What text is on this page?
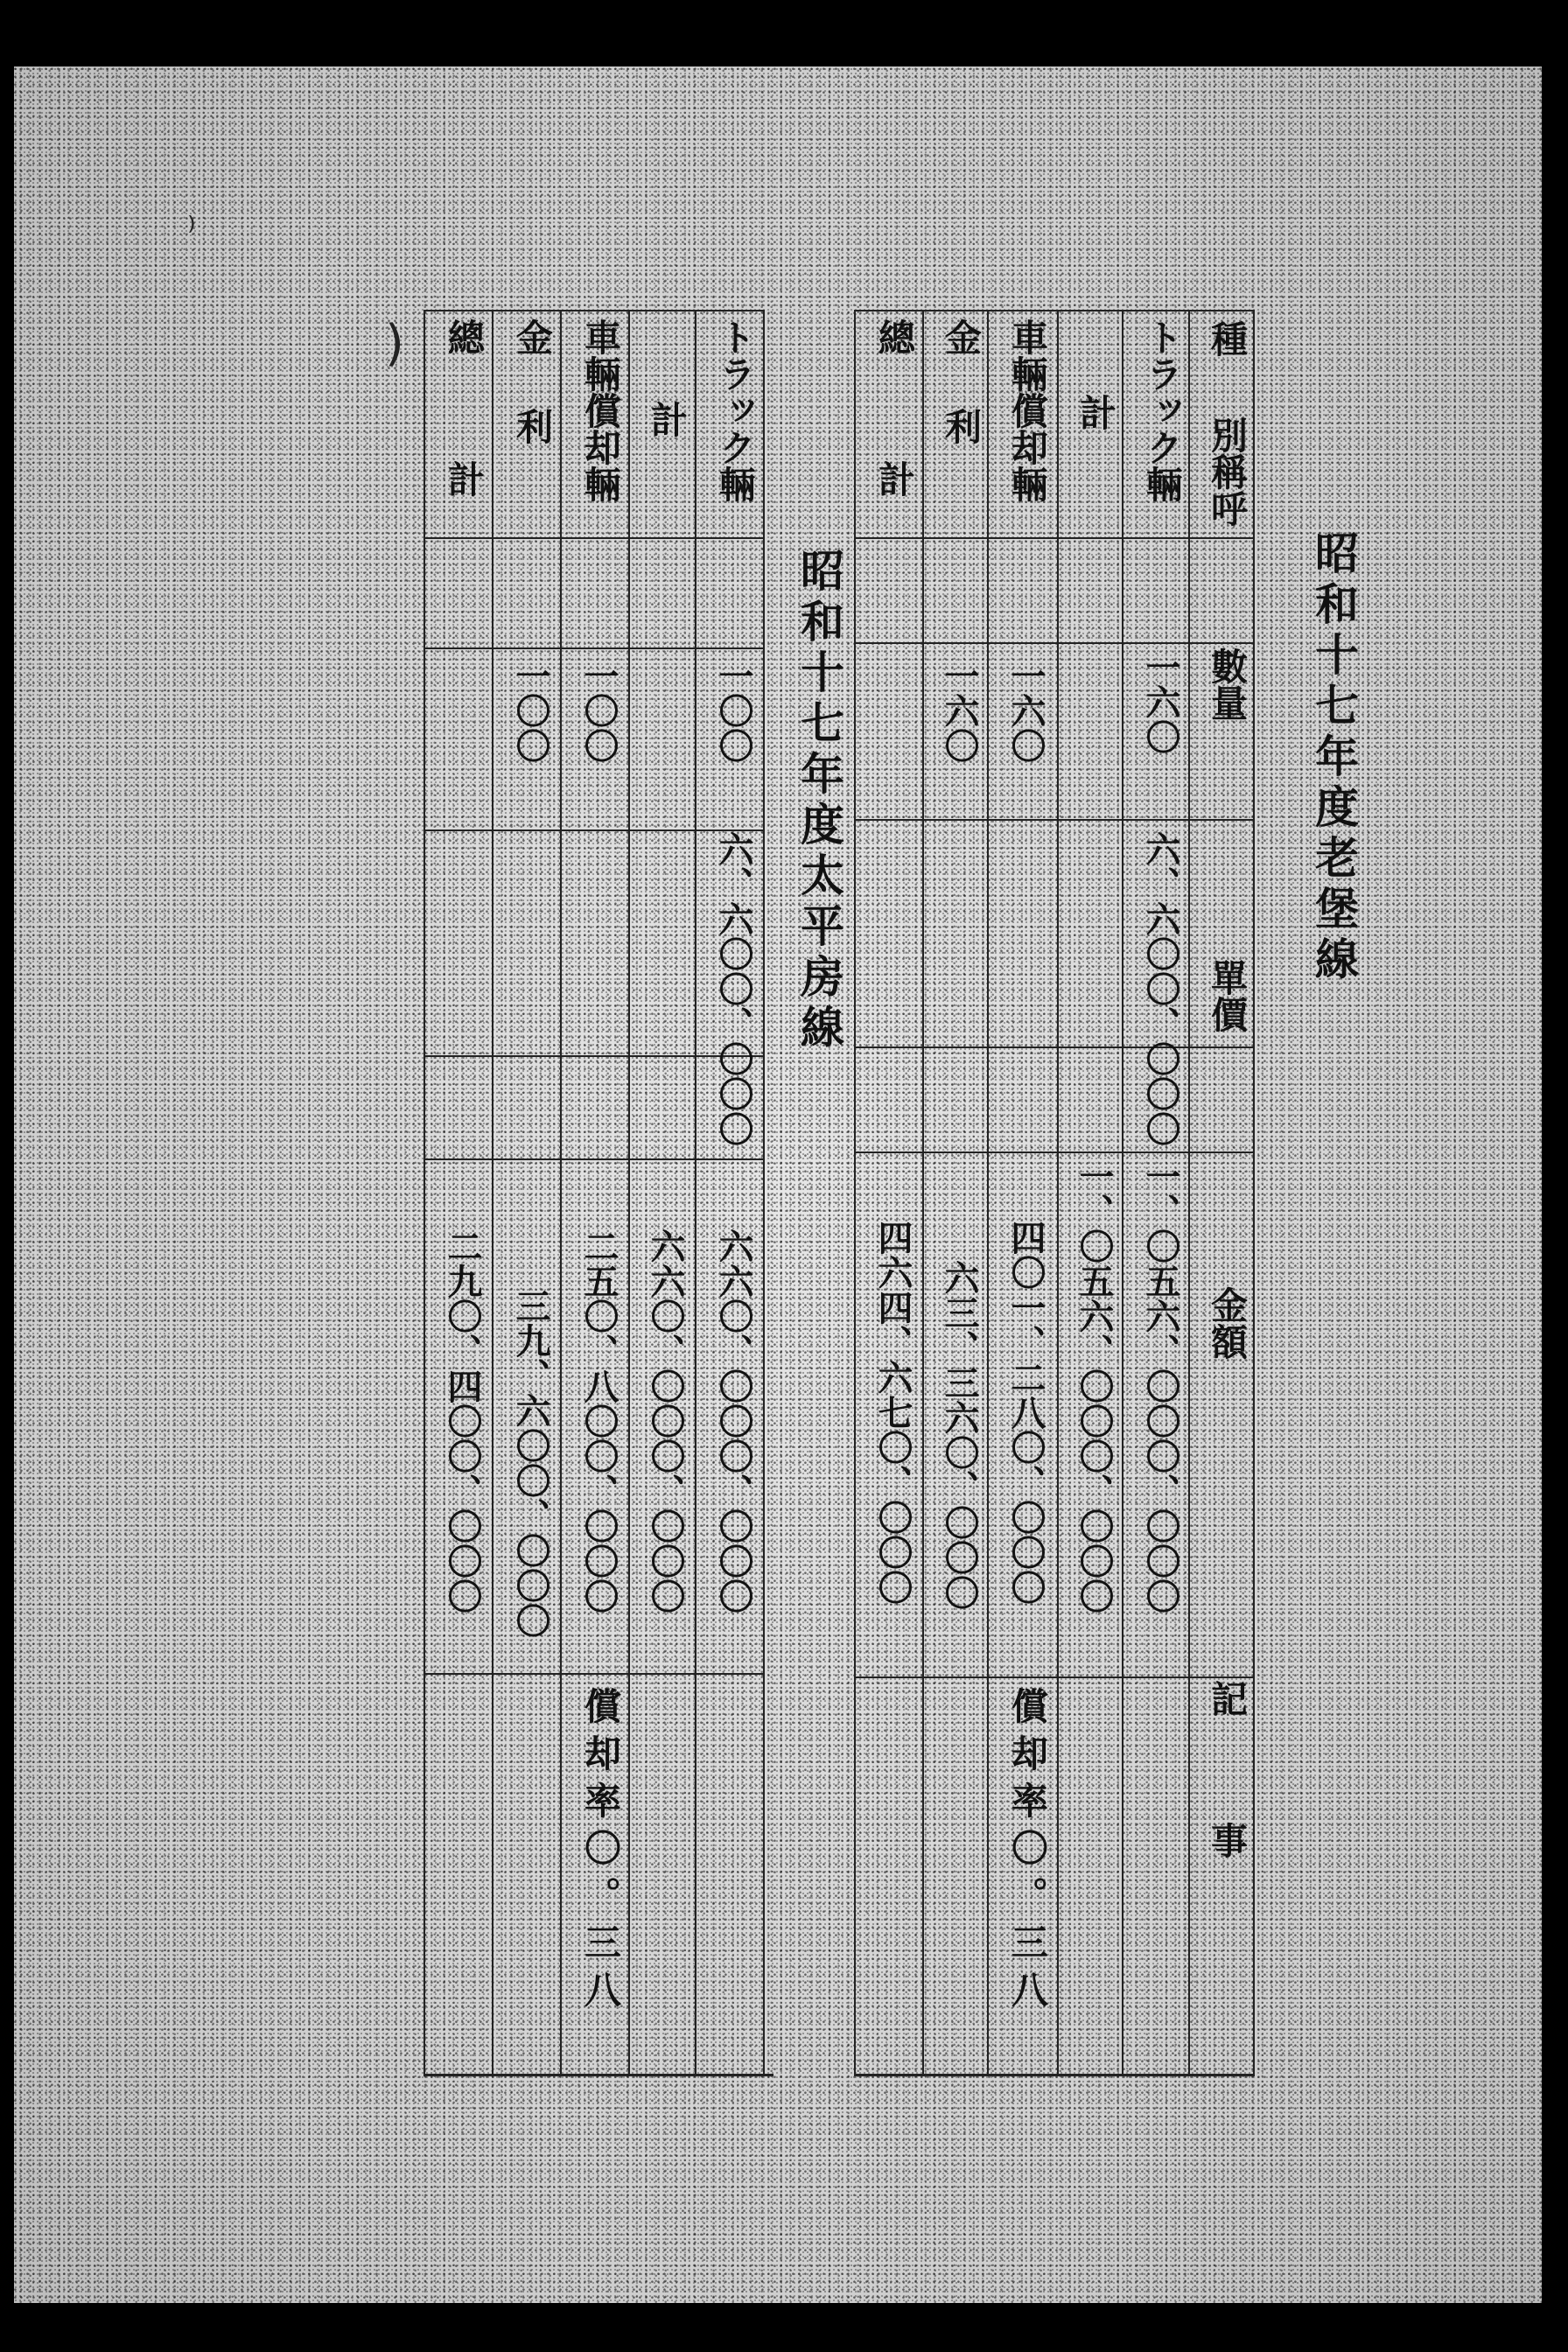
昭和十七年度老堡線
種
別稱呼
數量
單價
金額
記事
トラック輛
一六〇
六、六〇〇、〇〇〇
一、〇五六、〇〇〇、〇〇〇
計
一、〇五六、〇〇〇、〇〇〇
車輛償却輛
一六〇
四〇一、二八〇、〇〇〇
償却率〇。三八
金利
一六〇
六三、三六〇、〇〇〇
總計
四六四、六七〇、〇〇〇
昭和十七年度太平房線
トラック輛
一〇〇
六、六〇〇、〇〇〇
六六〇、〇〇〇、〇〇〇
計
六六〇、〇〇〇、〇〇〇
車輛償却輛
一〇〇
二五〇、八〇〇、〇〇〇
償却率〇。三八
金利
一〇〇
三九、六〇〇、〇〇〇
總計
二九〇、四〇〇、〇〇〇
)
⁾
